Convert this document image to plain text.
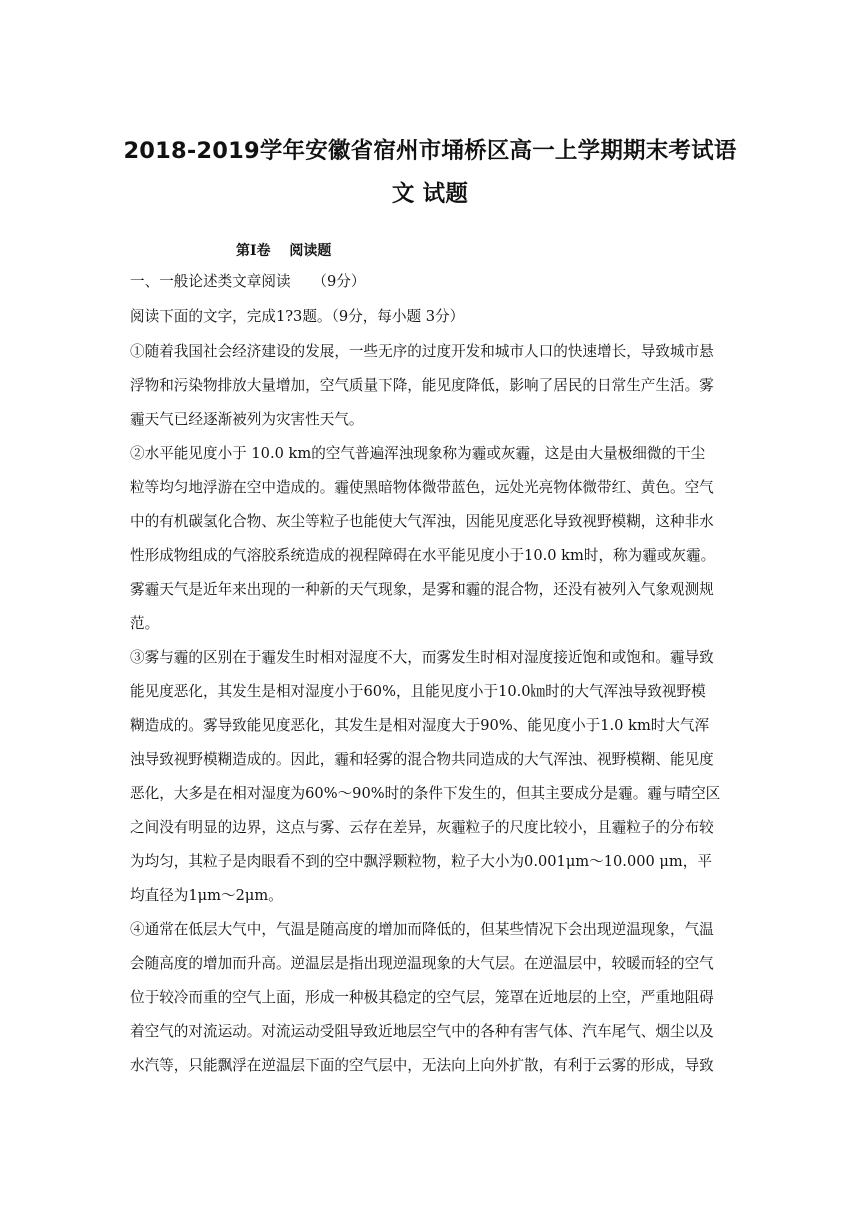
2018-2019学年安徽省宿州市埇桥区高一上学期期末考试语
文 试题
第Ⅰ卷　 阅读题
一、一般论述类文章阅读　　（9分）
阅读下面的文字，完成1?3题。（9分，每小题 3分）
①随着我国社会经济建设的发展，一些无序的过度开发和城市人口的快速增长，导致城市悬
浮物和污染物排放大量增加，空气质量下降，能见度降低，影响了居民的日常生产生活。雾
霾天气已经逐渐被列为灾害性天气。
②水平能见度小于 10.0 km的空气普遍浑浊现象称为霾或灰霾，这是由大量极细微的干尘
粒等均匀地浮游在空中造成的。霾使黑暗物体微带蓝色，远处光亮物体微带红、黄色。空气
中的有机碳氢化合物、灰尘等粒子也能使大气浑浊，因能见度恶化导致视野模糊，这种非水
性形成物组成的气溶胶系统造成的视程障碍在水平能见度小于10.0 km时，称为霾或灰霾。
雾霾天气是近年来出现的一种新的天气现象，是雾和霾的混合物，还没有被列入气象观测规
范。
③雾与霾的区别在于霾发生时相对湿度不大，而雾发生时相对湿度接近饱和或饱和。霾导致
能见度恶化，其发生是相对湿度小于60%，且能见度小于10.0㎞时的大气浑浊导致视野模
糊造成的。雾导致能见度恶化，其发生是相对湿度大于90%、能见度小于1.0 km时大气浑
浊导致视野模糊造成的。因此，霾和轻雾的混合物共同造成的大气浑浊、视野模糊、能见度
恶化，大多是在相对湿度为60%～90%时的条件下发生的，但其主要成分是霾。霾与晴空区
之间没有明显的边界，这点与雾、云存在差异，灰霾粒子的尺度比较小，且霾粒子的分布较
为均匀，其粒子是肉眼看不到的空中飘浮颗粒物，粒子大小为0.001μm～10.000 μm，平
均直径为1μm～2μm。
④通常在低层大气中，气温是随高度的增加而降低的，但某些情况下会出现逆温现象，气温
会随高度的增加而升高。逆温层是指出现逆温现象的大气层。在逆温层中，较暖而轻的空气
位于较冷而重的空气上面，形成一种极其稳定的空气层，笼罩在近地层的上空，严重地阻碍
着空气的对流运动。对流运动受阻导致近地层空气中的各种有害气体、汽车尾气、烟尘以及
水汽等，只能飘浮在逆温层下面的空气层中，无法向上向外扩散，有利于云雾的形成，导致
